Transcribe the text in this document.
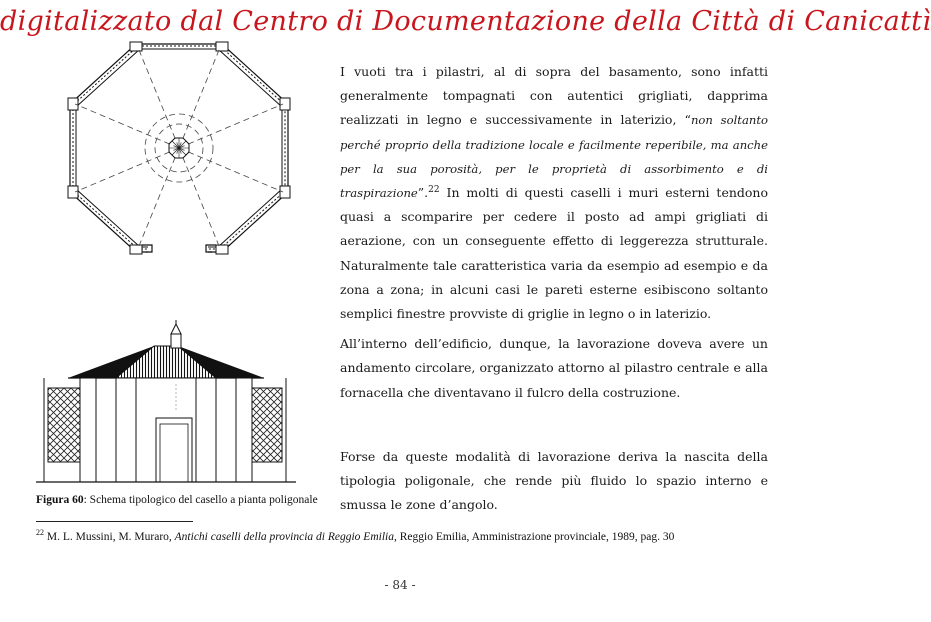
digitalizzato dal Centro di Documentazione della Città di Canicattì
Figura 60: Schema tipologico del casello a pianta poligonale

I vuoti tra i pilastri, al di sopra del basamento, sono infatti generalmente tompagnati con autentici grigliati, dapprima realizzati in legno e successivamente in laterizio, “non soltanto perché proprio della tradizione locale e facilmente reperibile, ma anche per la sua porosità, per le proprietà di assorbimento e di traspirazione”.$^{22}$ In molti di questi caselli i muri esterni tendono quasi a scomparire per cedere il posto ad ampi grigliati di aerazione, con un conseguente effetto di leggerezza strutturale. Naturalmente tale caratteristica varia da esempio ad esempio e da zona a zona; in alcuni casi le pareti esterne esibiscono soltanto semplici finestre provviste di griglie in legno o in laterizio.

All’interno dell’edificio, dunque, la lavorazione doveva avere un andamento circolare, organizzato attorno al pilastro centrale e alla fornacella che diventavano il fulcro della costruzione.

Forse da queste modalità di lavorazione deriva la nascita della tipologia poligonale, che rende più fluido lo spazio interno e smussa le zone d’angolo.

$^{22}$ M. L. Mussini, M. Muraro, Antichi caselli della provincia di Reggio Emilia, Reggio Emilia, Amministrazione provinciale, 1989, pag. 30
- 84 -
